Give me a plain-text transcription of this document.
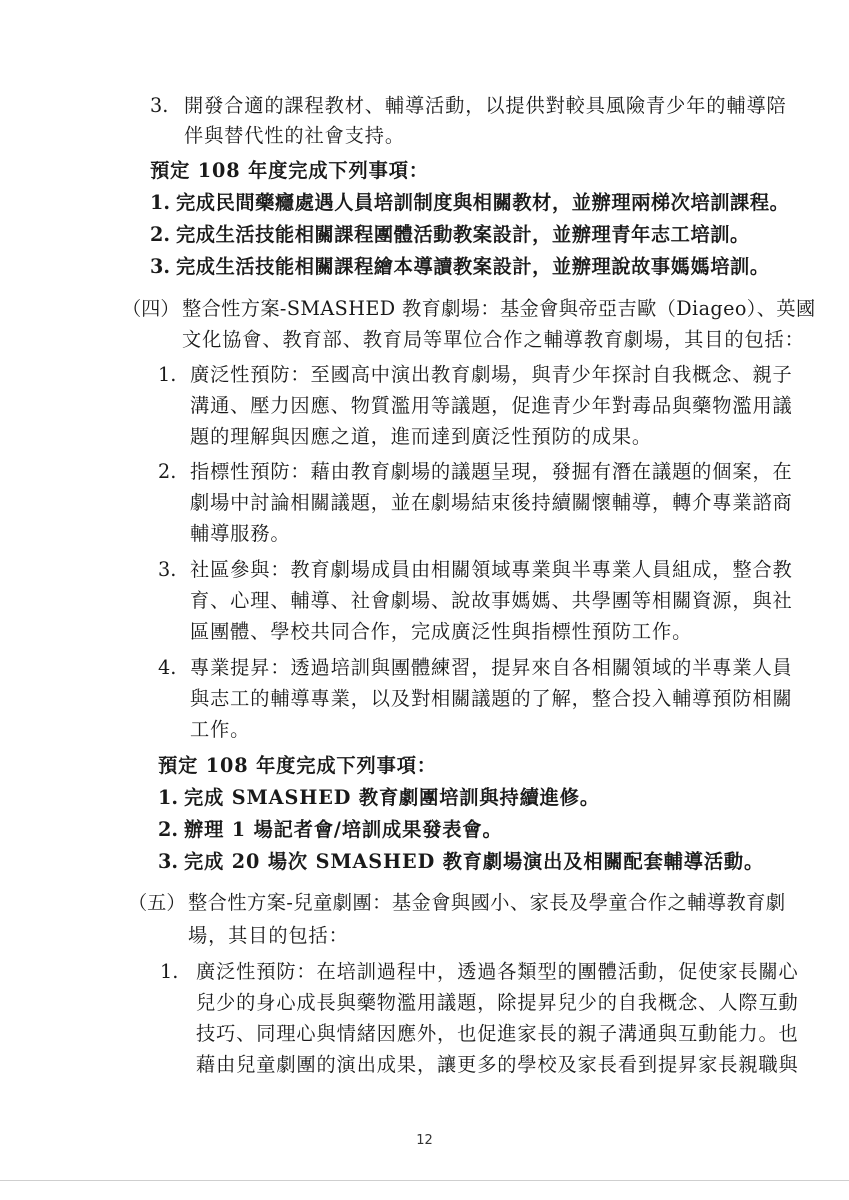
3. 開發合適的課程教材、輔導活動，以提供對較具風險青少年的輔導陪
伴與替代性的社會支持。
預定 108 年度完成下列事項：
1. 完成民間藥癮處遇人員培訓制度與相關教材，並辦理兩梯次培訓課程。
2. 完成生活技能相關課程團體活動教案設計，並辦理青年志工培訓。
3. 完成生活技能相關課程繪本導讀教案設計，並辦理說故事媽媽培訓。
（四） 整合性方案-SMASHED 教育劇場：基金會與帝亞吉歐（Diageo）、英國
文化協會、教育部、教育局等單位合作之輔導教育劇場，其目的包括：
1. 廣泛性預防：至國高中演出教育劇場，與青少年探討自我概念、親子
溝通、壓力因應、物質濫用等議題，促進青少年對毒品與藥物濫用議
題的理解與因應之道，進而達到廣泛性預防的成果。
2. 指標性預防：藉由教育劇場的議題呈現，發掘有潛在議題的個案，在
劇場中討論相關議題，並在劇場結束後持續關懷輔導，轉介專業諮商
輔導服務。
3. 社區參與：教育劇場成員由相關領域專業與半專業人員組成，整合教
育、心理、輔導、社會劇場、說故事媽媽、共學團等相關資源，與社
區團體、學校共同合作，完成廣泛性與指標性預防工作。
4. 專業提昇：透過培訓與團體練習，提昇來自各相關領域的半專業人員
與志工的輔導專業，以及對相關議題的了解，整合投入輔導預防相關
工作。
預定 108 年度完成下列事項：
1. 完成 SMASHED 教育劇團培訓與持續進修。
2. 辦理 1 場記者會/培訓成果發表會。
3. 完成 20 場次 SMASHED 教育劇場演出及相關配套輔導活動。
（五） 整合性方案-兒童劇團：基金會與國小、家長及學童合作之輔導教育劇
場，其目的包括：
1. 廣泛性預防：在培訓過程中，透過各類型的團體活動，促使家長關心
兒少的身心成長與藥物濫用議題，除提昇兒少的自我概念、人際互動
技巧、同理心與情緒因應外，也促進家長的親子溝通與互動能力。也
藉由兒童劇團的演出成果，讓更多的學校及家長看到提昇家長親職與
12
